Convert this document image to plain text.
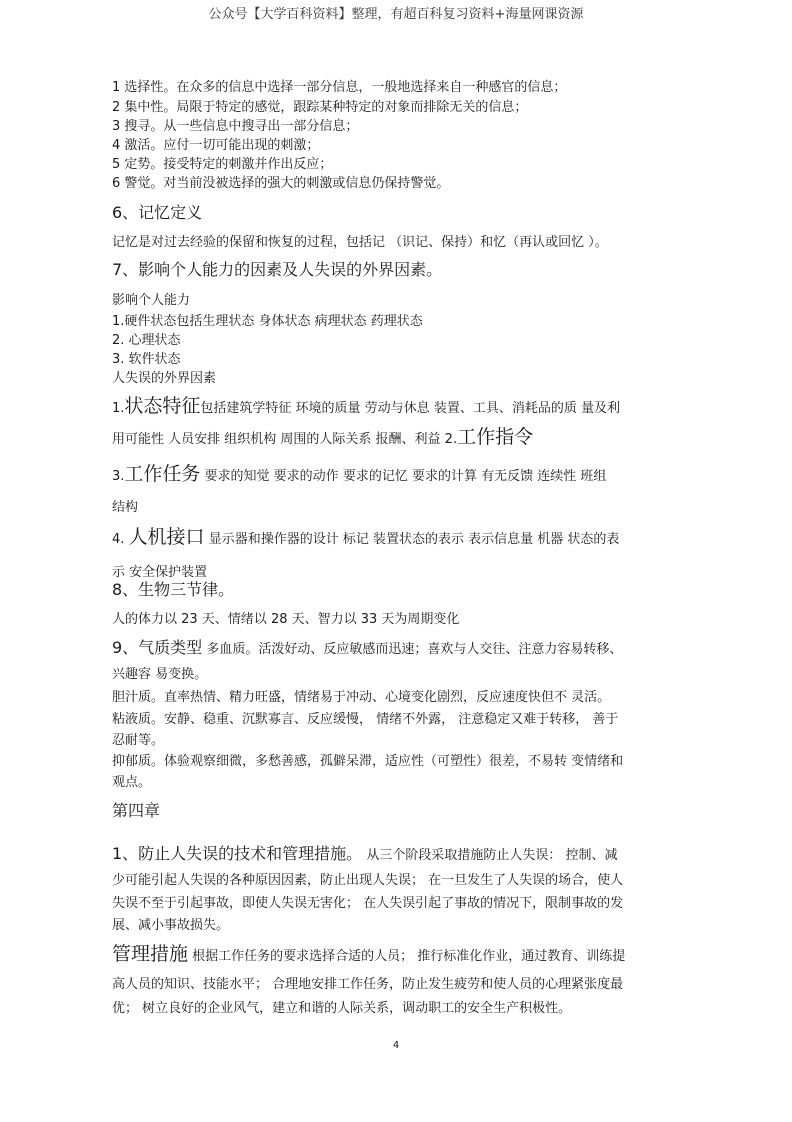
公众号【大学百科资料】整理，有超百科复习资料+海量网课资源
1 选择性。在众多的信息中选择一部分信息，一般地选择来自一种感官的信息；
2 集中性。局限于特定的感觉，跟踪某种特定的对象而排除无关的信息；
3 搜寻。从一些信息中搜寻出一部分信息；
4 激活。应付一切可能出现的刺激；
5 定势。接受特定的刺激并作出反应；
6 警觉。对当前没被选择的强大的刺激或信息仍保持警觉。
6、记忆定义
记忆是对过去经验的保留和恢复的过程，包括记 （识记、保持）和忆（再认或回忆 ）。
7、影响个人能力的因素及人失误的外界因素。
影响个人能力
1.硬件状态包括生理状态 身体状态 病理状态 药理状态
2. 心理状态
3. 软件状态
人失误的外界因素
1.状态特征包括建筑学特征 环境的质量 劳动与休息 装置、工具、消耗品的质 量及利
用可能性 人员安排 组织机构 周围的人际关系 报酬、利益 2.工作指令
3.工作任务 要求的知觉 要求的动作 要求的记忆 要求的计算 有无反馈 连续性 班组
结构
4. 人机接口 显示器和操作器的设计 标记 装置状态的表示 表示信息量 机器 状态的表
示 安全保护装置
8、生物三节律。
人的体力以 23 天、情绪以 28 天、智力以 33 天为周期变化
9、气质类型 多血质。活泼好动、反应敏感而迅速；喜欢与人交往、注意力容易转移、
兴趣容 易变换。
胆汁质。直率热情、精力旺盛，情绪易于冲动、心境变化剧烈，反应速度快但不 灵活。
粘液质。安静、稳重、沉默寡言、反应缓慢， 情绪不外露， 注意稳定又难于转移， 善于
忍耐等。
抑郁质。体验观察细微，多愁善感，孤僻呆滞，适应性（可塑性）很差，不易转 变情绪和
观点。
第四章
1、防止人失误的技术和管理措施。 从三个阶段采取措施防止人失误： 控制、减
少可能引起人失误的各种原因因素，防止出现人失误； 在一旦发生了人失误的场合，使人
失误不至于引起事故，即使人失误无害化； 在人失误引起了事故的情况下，限制事故的发
展、减小事故损失。
管理措施 根据工作任务的要求选择合适的人员； 推行标准化作业，通过教育、训练提
高人员的知识、技能水平； 合理地安排工作任务，防止发生疲劳和使人员的心理紧张度最
优； 树立良好的企业风气，建立和谐的人际关系，调动职工的安全生产积极性。
4
